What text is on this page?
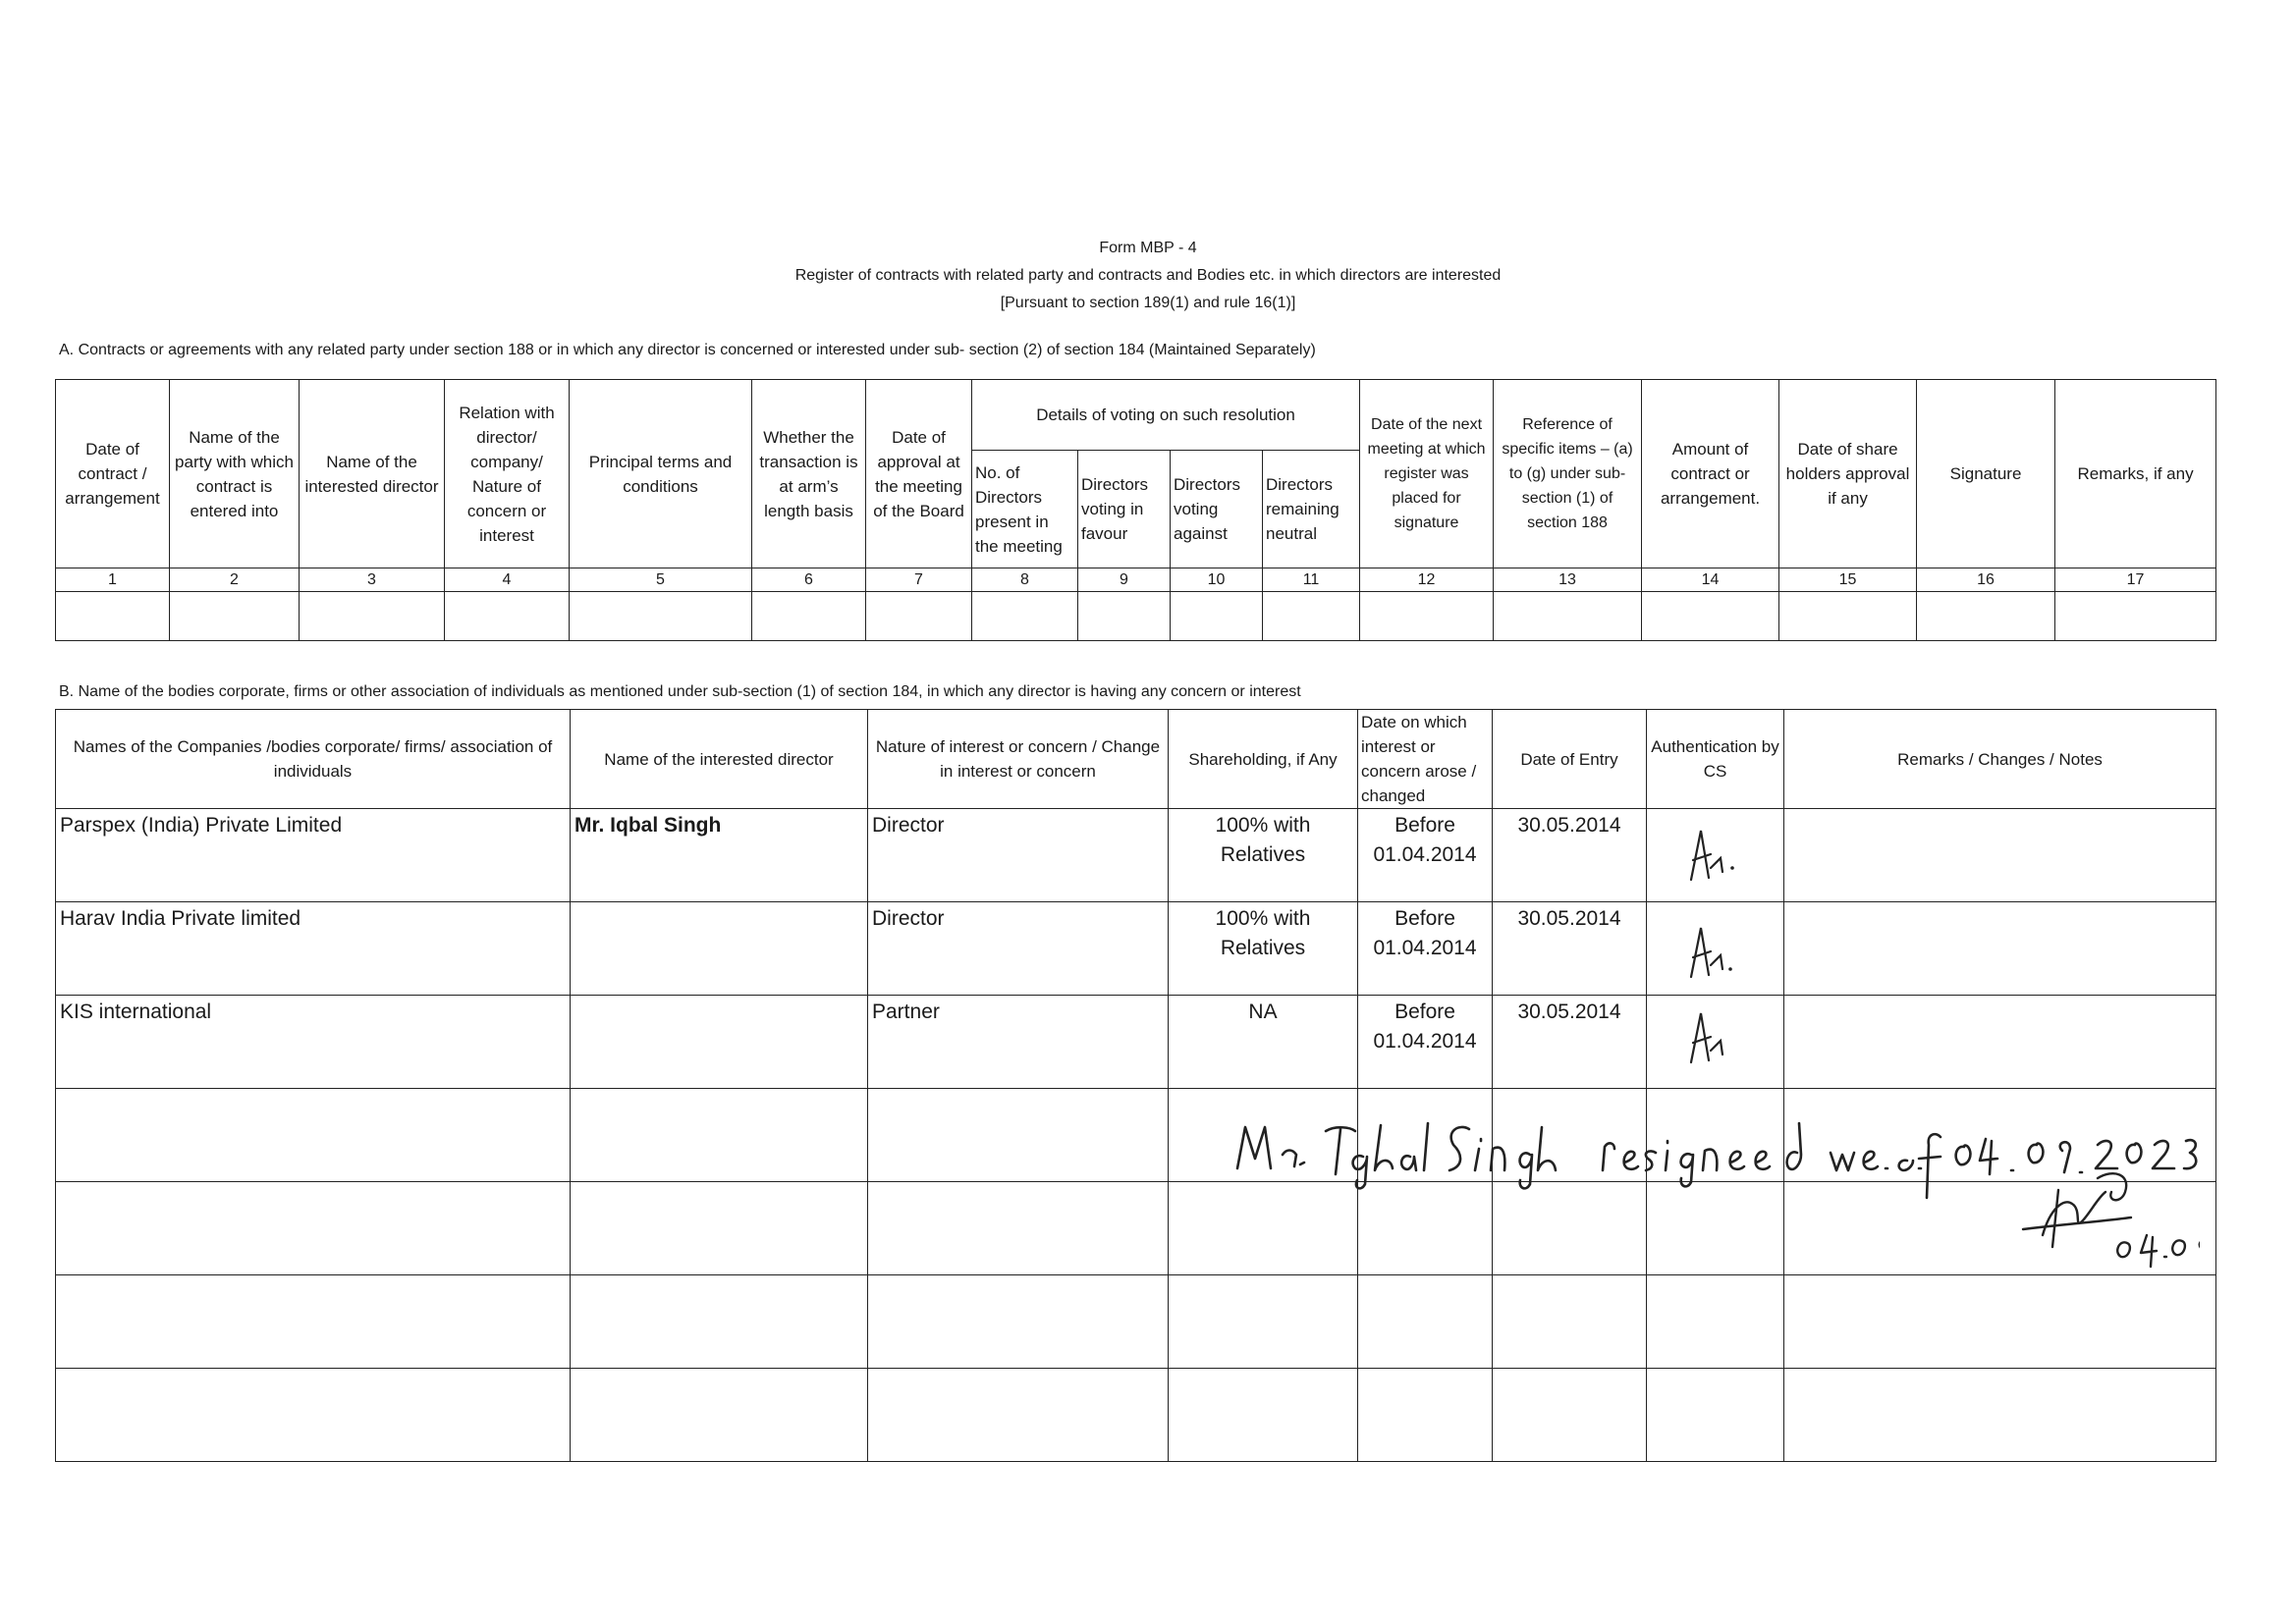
Form MBP - 4
Register of contracts with related party and contracts and Bodies etc. in which directors are interested
[Pursuant to section 189(1) and rule 16(1)]
A. Contracts or agreements with any related party under section 188 or in which any director is concerned or interested under sub- section (2) of section 184 (Maintained Separately)
Date of contract / arrangement	Name of the party with which contract is entered into	Name of the interested director	Relation with director/ company/ Nature of concern or interest	Principal terms and conditions	Whether the transaction is at arm’s length basis	Date of approval at the meeting of the Board	Details of voting on such resolution				Date of the next meeting at which register was placed for signature	Reference of specific items – (a) to (g) under sub-section (1) of section 188	Amount of contract or arrangement.	Date of share holders approval if any	Signature	Remarks, if any
							No. of Directors present in the meeting	Directors voting in favour	Directors voting against	Directors remaining neutral						
1	2	3	4	5	6	7	8	9	10	11	12	13	14	15	16	17

B. Name of the bodies corporate, firms or other association of individuals as mentioned under sub-section (1) of section 184, in which any director is having any concern or interest
Names of the Companies /bodies corporate/ firms/ association of individuals	Name of the interested director	Nature of interest or concern / Change in interest or concern	Shareholding, if Any	Date on which interest or concern arose / changed	Date of Entry	Authentication by CS	Remarks / Changes / Notes
Parspex (India) Private Limited	Mr. Iqbal Singh	Director	100% with Relatives	Before 01.04.2014	30.05.2014		
Harav India Private limited		Director	100% with Relatives	Before 01.04.2014	30.05.2014		
KIS international		Partner	NA	Before 01.04.2014	30.05.2014		
